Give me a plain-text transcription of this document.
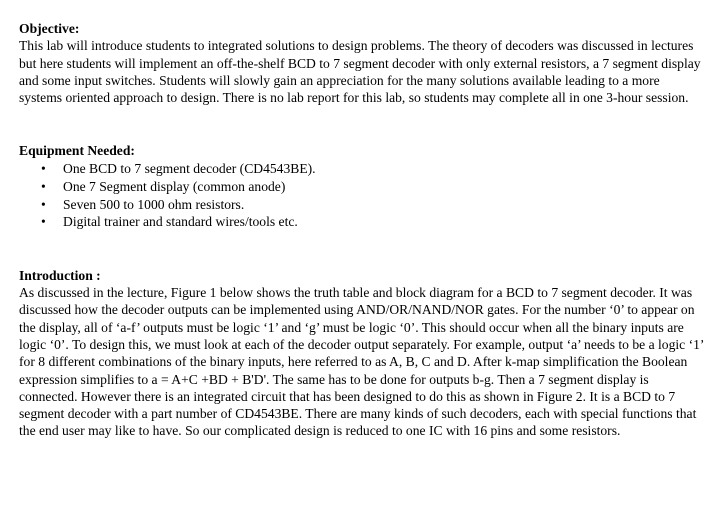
Objective:

This lab will introduce students to integrated solutions to design problems. The theory of decoders was discussed in lectures but here students will implement an off-the-shelf BCD to 7 segment decoder with only external resistors, a 7 segment display and some input switches. Students will slowly gain an appreciation for the many solutions available leading to a more systems oriented approach to design. There is no lab report for this lab, so students may complete all in one 3-hour session.

Equipment Needed:
• One BCD to 7 segment decoder (CD4543BE).
• One 7 Segment display (common anode)
• Seven 500 to 1000 ohm resistors.
• Digital trainer and standard wires/tools etc.
Introduction :

As discussed in the lecture, Figure 1 below shows the truth table and block diagram for a BCD to 7 segment decoder. It was discussed how the decoder outputs can be implemented using AND/OR/NAND/NOR gates. For the number ‘0’ to appear on the display, all of ‘a-f’ outputs must be logic ‘1’ and ‘g’ must be logic ‘0’. This should occur when all the binary inputs are logic ‘0’. To design this, we must look at each of the decoder output separately. For example, output ‘a’ needs to be a logic ‘1’ for 8 different combinations of the binary inputs, here referred to as A, B, C and D. After k-map simplification the Boolean expression simplifies to a = A+C +BD + B'D'. The same has to be done for outputs b-g. Then a 7 segment display is connected. However there is an integrated circuit that has been designed to do this as shown in Figure 2. It is a BCD to 7 segment decoder with a part number of CD4543BE. There are many kinds of such decoders, each with special functions that the end user may like to have. So our complicated design is reduced to one IC with 16 pins and some resistors.
